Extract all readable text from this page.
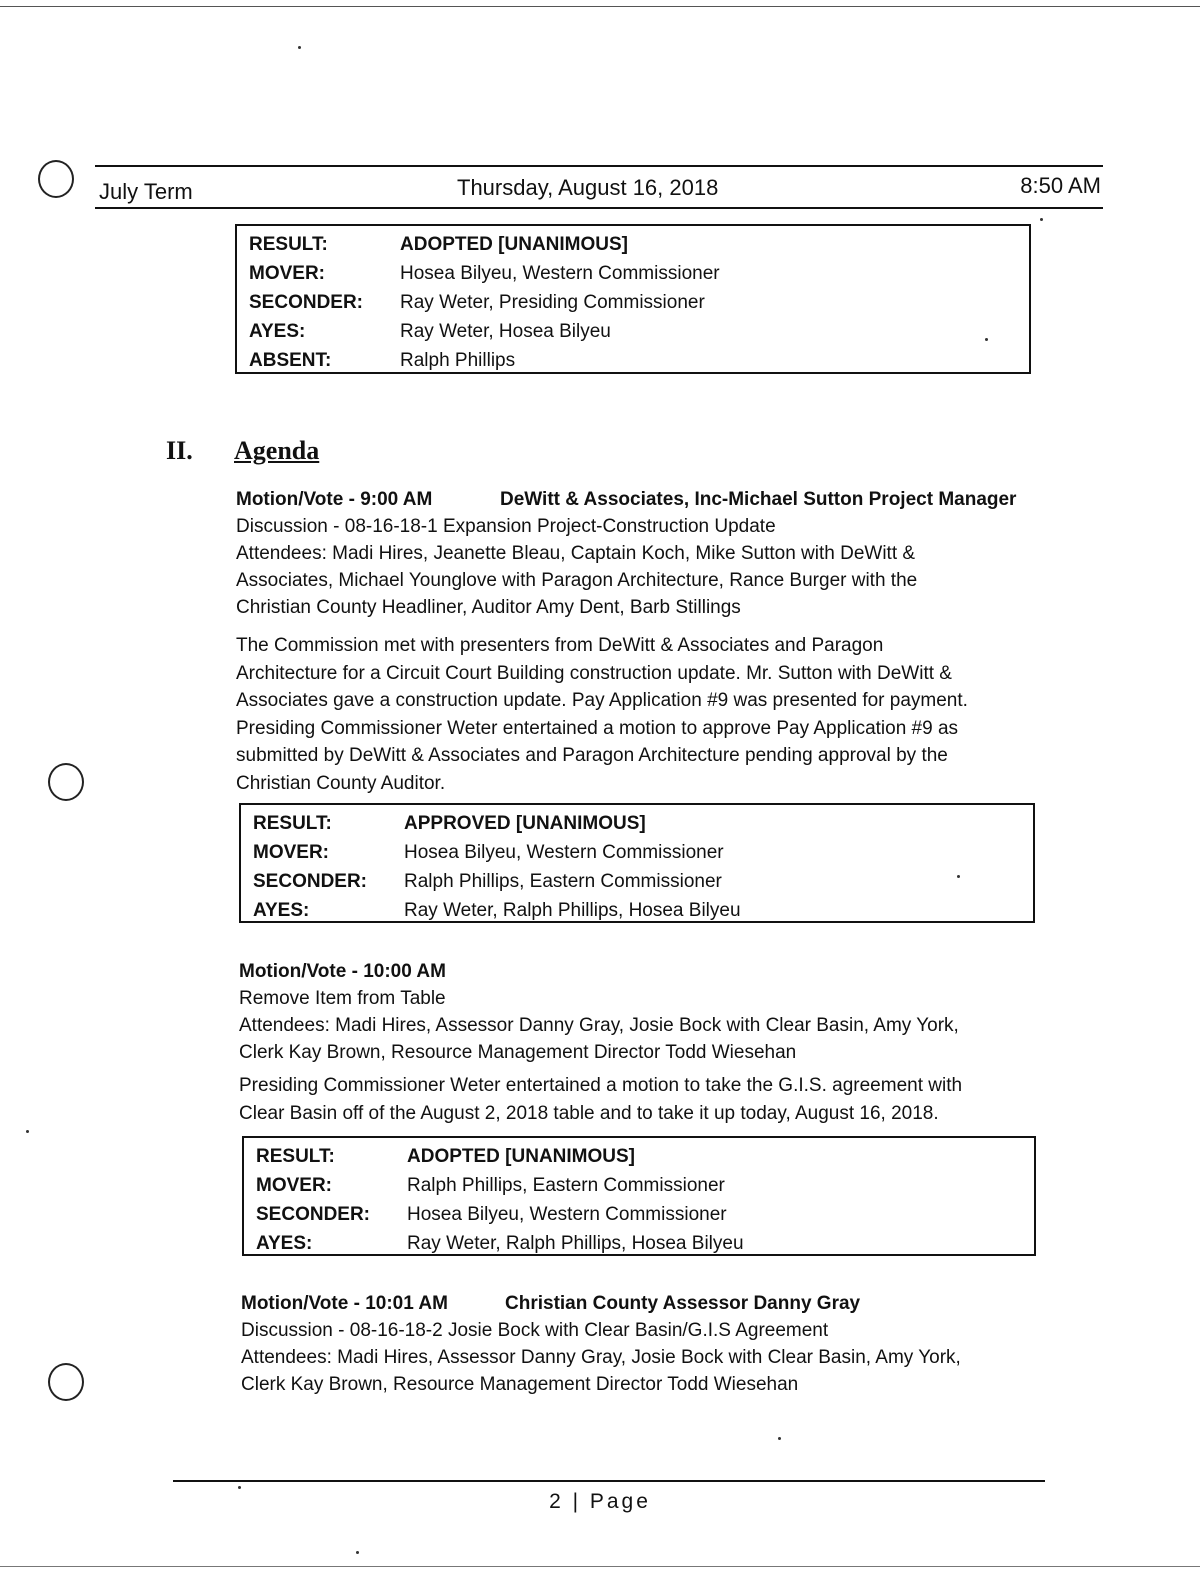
July Term	Thursday, August 16, 2018	8:50 AM
RESULT:	ADOPTED [UNANIMOUS]
MOVER:	Hosea Bilyeu, Western Commissioner
SECONDER:	Ray Weter, Presiding Commissioner
AYES:	Ray Weter, Hosea Bilyeu
ABSENT:	Ralph Phillips
II. Agenda
Motion/Vote - 9:00 AM	DeWitt & Associates, Inc-Michael Sutton Project Manager
Discussion - 08-16-18-1 Expansion Project-Construction Update
Attendees: Madi Hires, Jeanette Bleau, Captain Koch, Mike Sutton with DeWitt &
Associates, Michael Younglove with Paragon Architecture, Rance Burger with the
Christian County Headliner, Auditor Amy Dent, Barb Stillings
The Commission met with presenters from DeWitt & Associates and Paragon
Architecture for a Circuit Court Building construction update. Mr. Sutton with DeWitt &
Associates gave a construction update. Pay Application #9 was presented for payment.
Presiding Commissioner Weter entertained a motion to approve Pay Application #9 as
submitted by DeWitt & Associates and Paragon Architecture pending approval by the
Christian County Auditor.
RESULT:	APPROVED [UNANIMOUS]
MOVER:	Hosea Bilyeu, Western Commissioner
SECONDER:	Ralph Phillips, Eastern Commissioner
AYES:	Ray Weter, Ralph Phillips, Hosea Bilyeu
Motion/Vote - 10:00 AM
Remove Item from Table
Attendees: Madi Hires, Assessor Danny Gray, Josie Bock with Clear Basin, Amy York,
Clerk Kay Brown, Resource Management Director Todd Wiesehan
Presiding Commissioner Weter entertained a motion to take the G.I.S. agreement with
Clear Basin off of the August 2, 2018 table and to take it up today, August 16, 2018.
RESULT:	ADOPTED [UNANIMOUS]
MOVER:	Ralph Phillips, Eastern Commissioner
SECONDER:	Hosea Bilyeu, Western Commissioner
AYES:	Ray Weter, Ralph Phillips, Hosea Bilyeu
Motion/Vote - 10:01 AM	Christian County Assessor Danny Gray
Discussion - 08-16-18-2 Josie Bock with Clear Basin/G.I.S Agreement
Attendees: Madi Hires, Assessor Danny Gray, Josie Bock with Clear Basin, Amy York,
Clerk Kay Brown, Resource Management Director Todd Wiesehan
2 | Page
